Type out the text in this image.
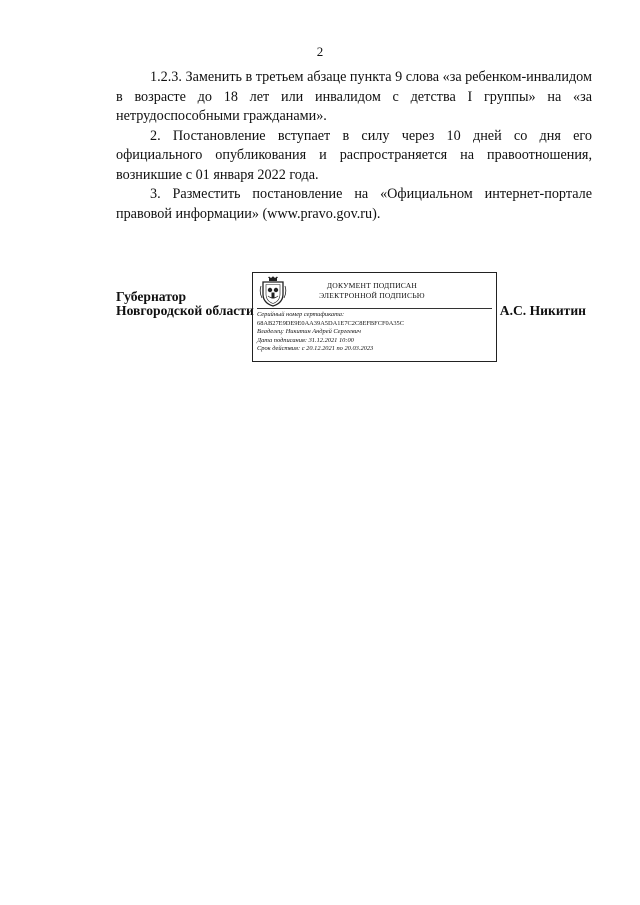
2

1.2.3. Заменить в третьем абзаце пункта 9 слова «за ребенком-инвалидом в возрасте до 18 лет или инвалидом с детства I группы» на «за нетрудоспособными гражданами».

2. Постановление вступает в силу через 10 дней со дня его официального опубликования и распространяется на правоотношения, возникшие с 01 января 2022 года.

3. Разместить постановление на «Официальном интернет-портале правовой информации» (www.pravo.gov.ru).

Губернатор
Новгородской области
ДОКУМЕНТ ПОДПИСАН
ЭЛЕКТРОННОЙ ПОДПИСЬЮ
Серийный номер сертификата:
68AB27E9DE9E0AA39A5DA1E7C2C8EFBFCF0A35C
Владелец: Никитин Андрей Сергеевич
Дата подписания: 31.12.2021 10:00
Срок действия: с 20.12.2021 по 20.03.2023
А.С. Никитин
